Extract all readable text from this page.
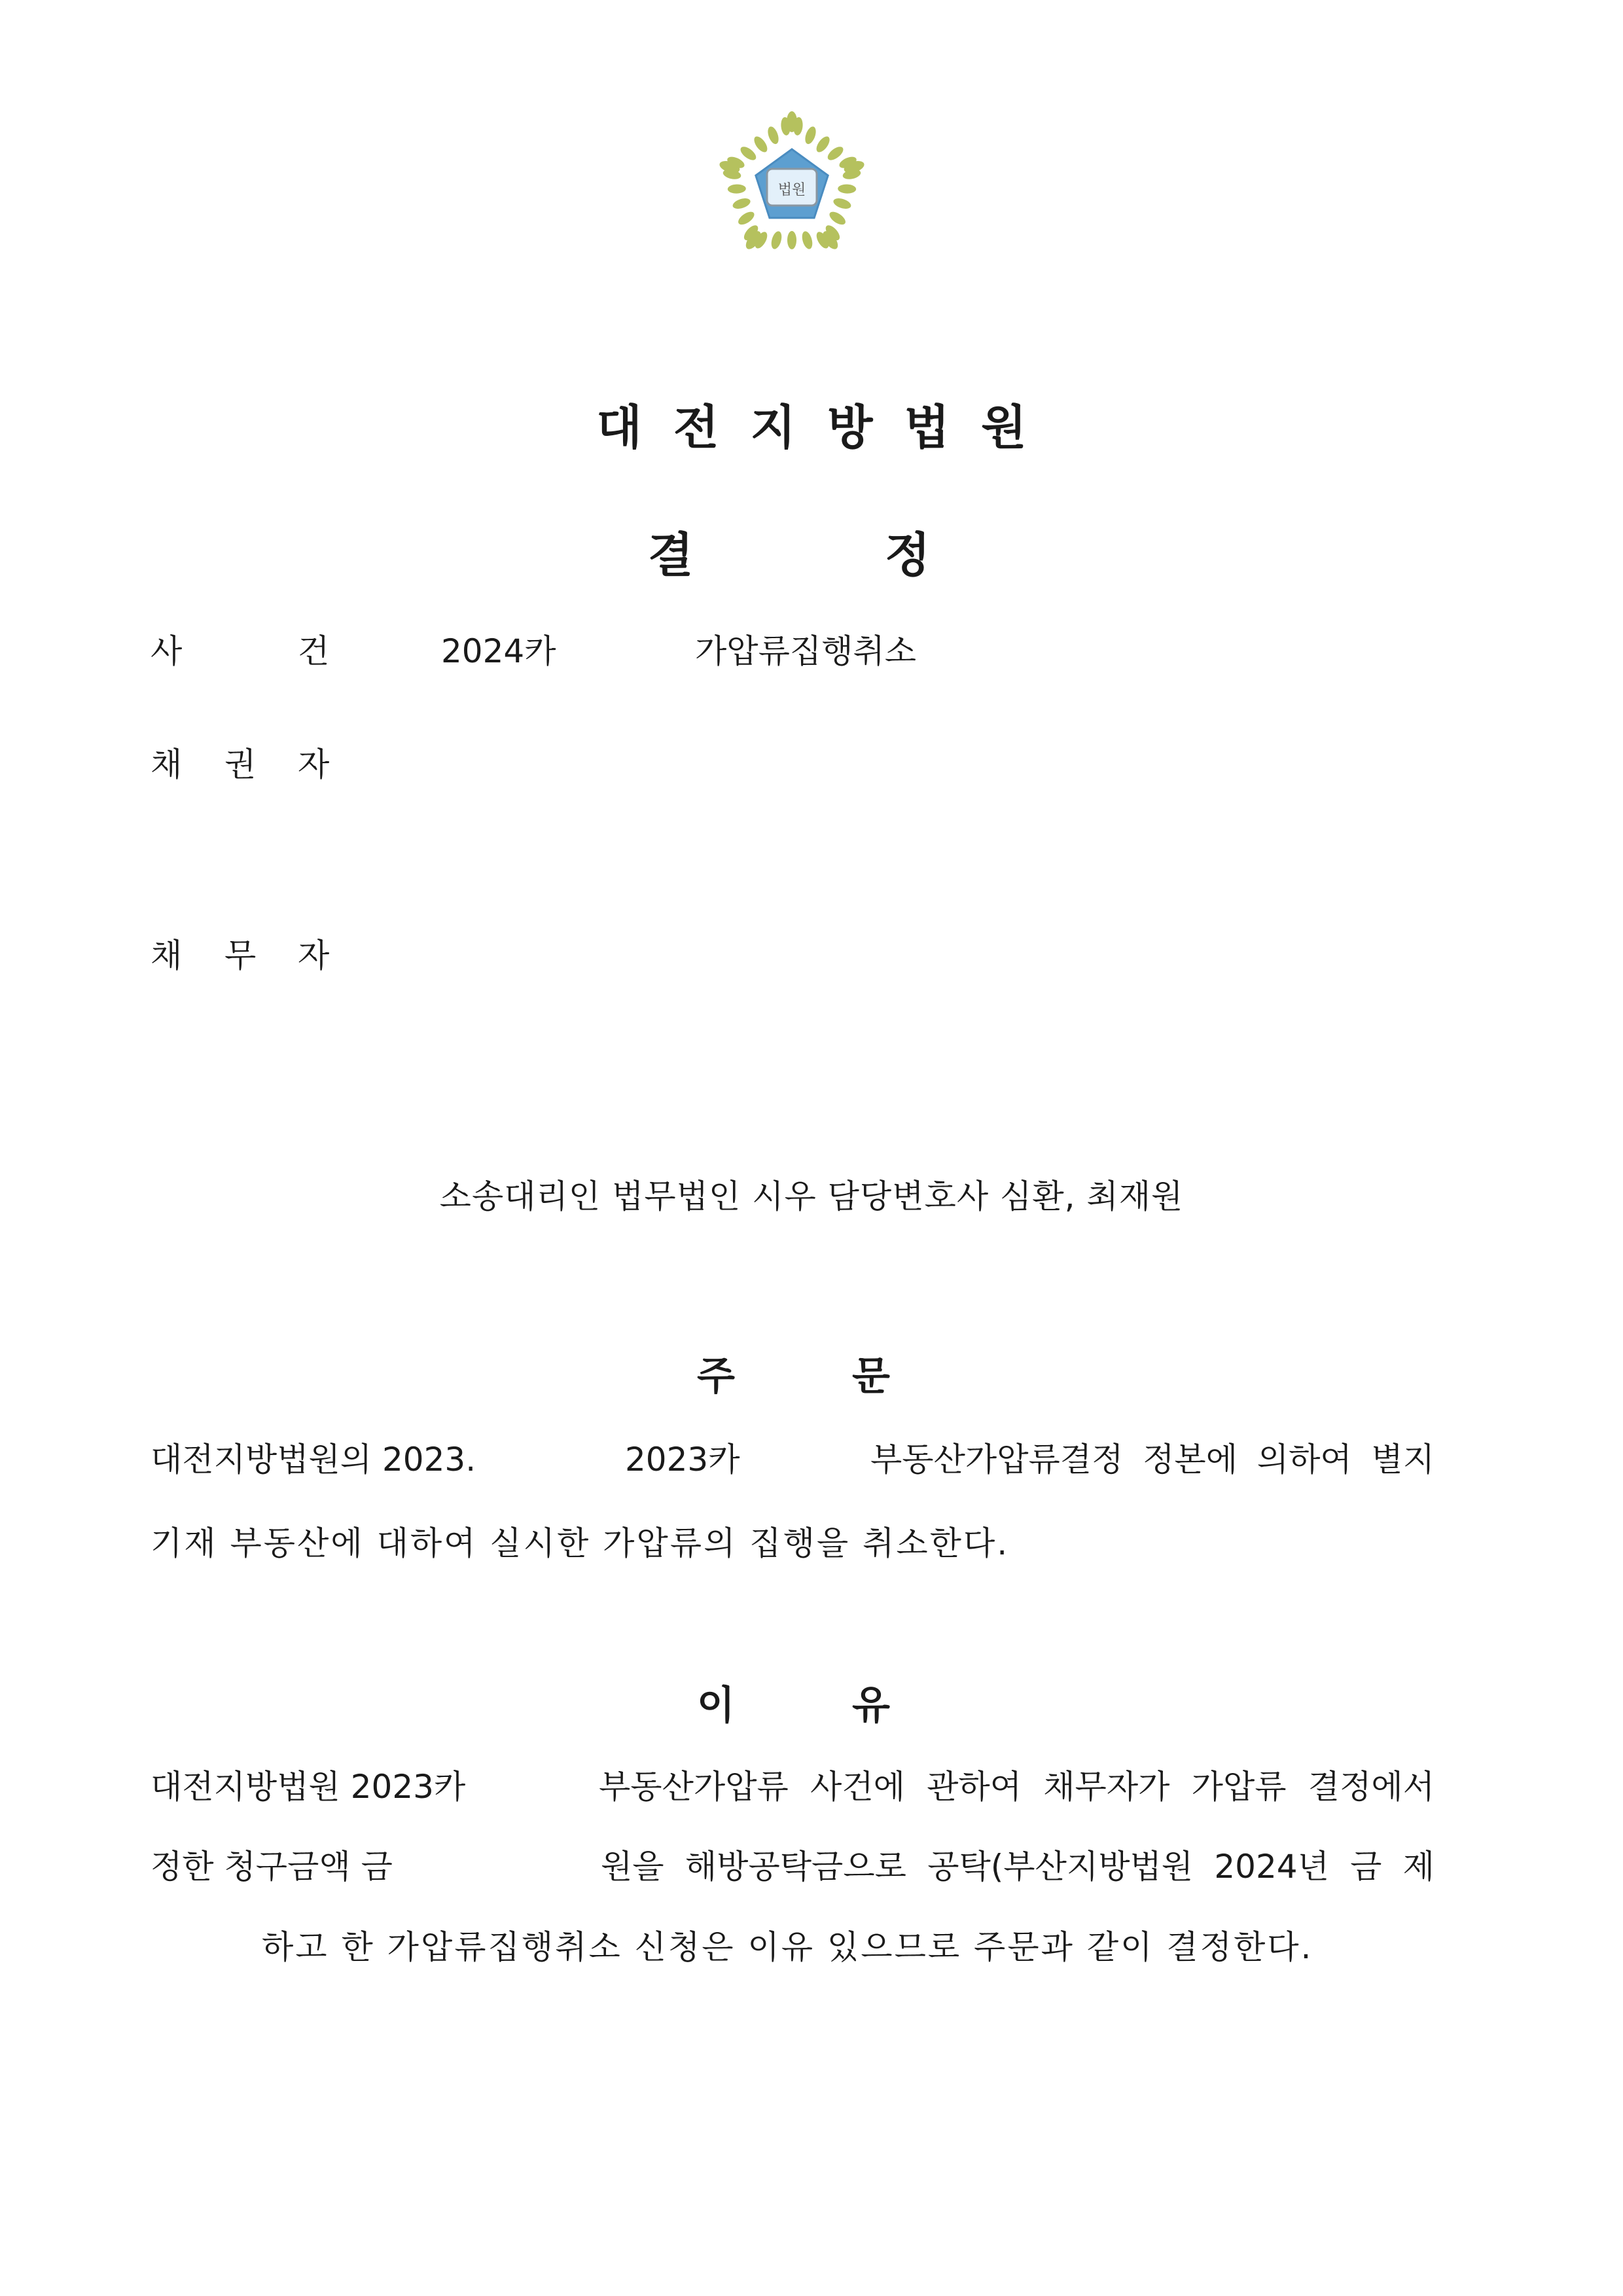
법원
대전지방법원
결	정
사	건	2024카	가압류집행취소
채 권 자
채 무 자
소송대리인 법무법인 시우 담당변호사 심환, 최재원
주	문
대전지방법원의 2023.	2023카	부동산가압류결정 정본에 의하여 별지
기재 부동산에 대하여 실시한 가압류의 집행을 취소한다.
이	유
대전지방법원 2023카	부동산가압류 사건에 관하여 채무자가 가압류 결정에서
정한 청구금액 금	원을 해방공탁금으로 공탁(부산지방법원 2024년 금 제
하고 한 가압류집행취소 신청은 이유 있으므로 주문과 같이 결정한다.
